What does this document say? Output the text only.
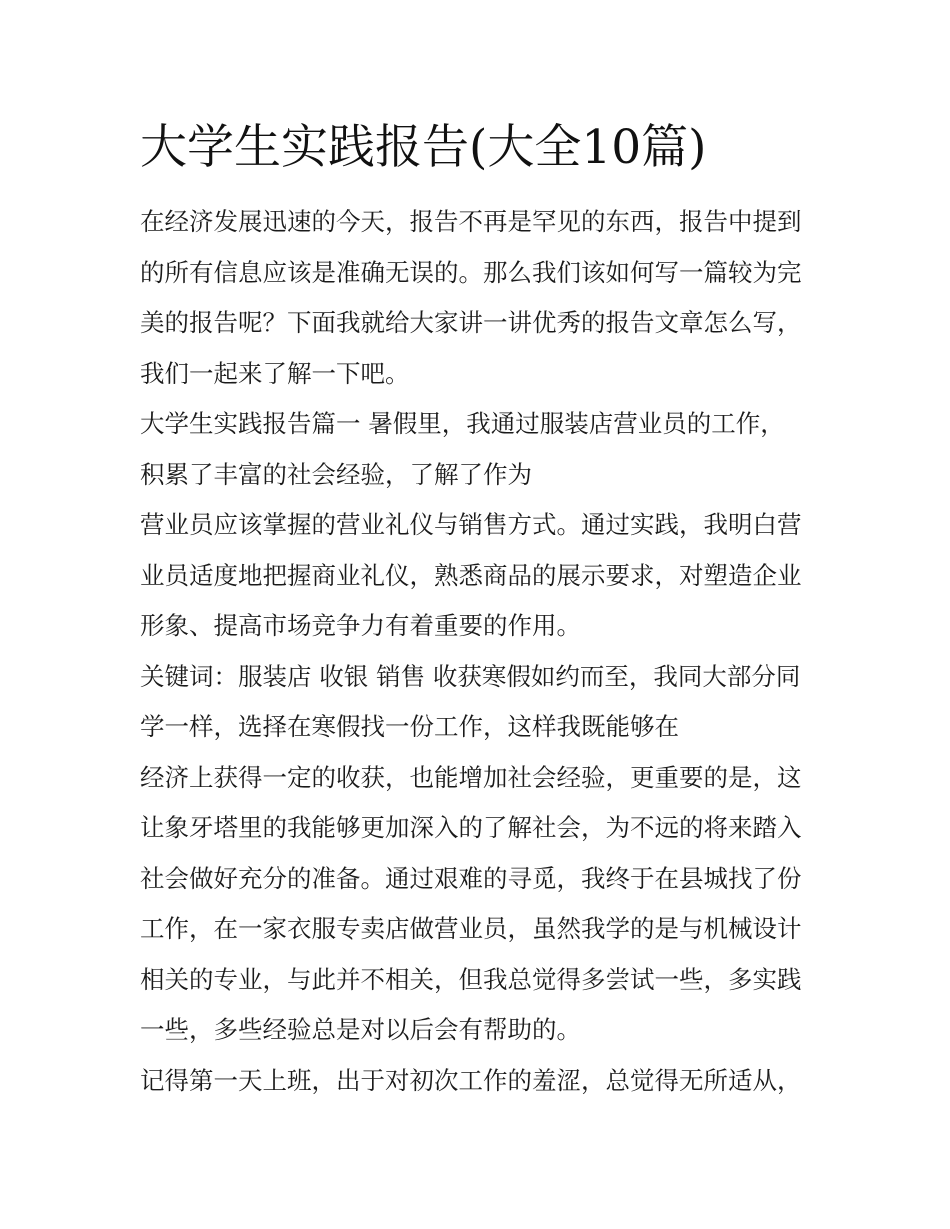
大学生实践报告(大全10篇)

在经济发展迅速的今天，报告不再是罕见的东西，报告中提到

的所有信息应该是准确无误的。那么我们该如何写一篇较为完

美的报告呢？下面我就给大家讲一讲优秀的报告文章怎么写，

我们一起来了解一下吧。

大学生实践报告篇一 暑假里，我通过服装店营业员的工作，

积累了丰富的社会经验，了解了作为

营业员应该掌握的营业礼仪与销售方式。通过实践，我明白营

业员适度地把握商业礼仪，熟悉商品的展示要求，对塑造企业

形象、提高市场竞争力有着重要的作用。

关键词：服装店 收银 销售 收获寒假如约而至，我同大部分同

学一样，选择在寒假找一份工作，这样我既能够在

经济上获得一定的收获，也能增加社会经验，更重要的是，这

让象牙塔里的我能够更加深入的了解社会，为不远的将来踏入

社会做好充分的准备。通过艰难的寻觅，我终于在县城找了份

工作，在一家衣服专卖店做营业员，虽然我学的是与机械设计

相关的专业，与此并不相关，但我总觉得多尝试一些，多实践

一些，多些经验总是对以后会有帮助的。

记得第一天上班，出于对初次工作的羞涩，总觉得无所适从，
